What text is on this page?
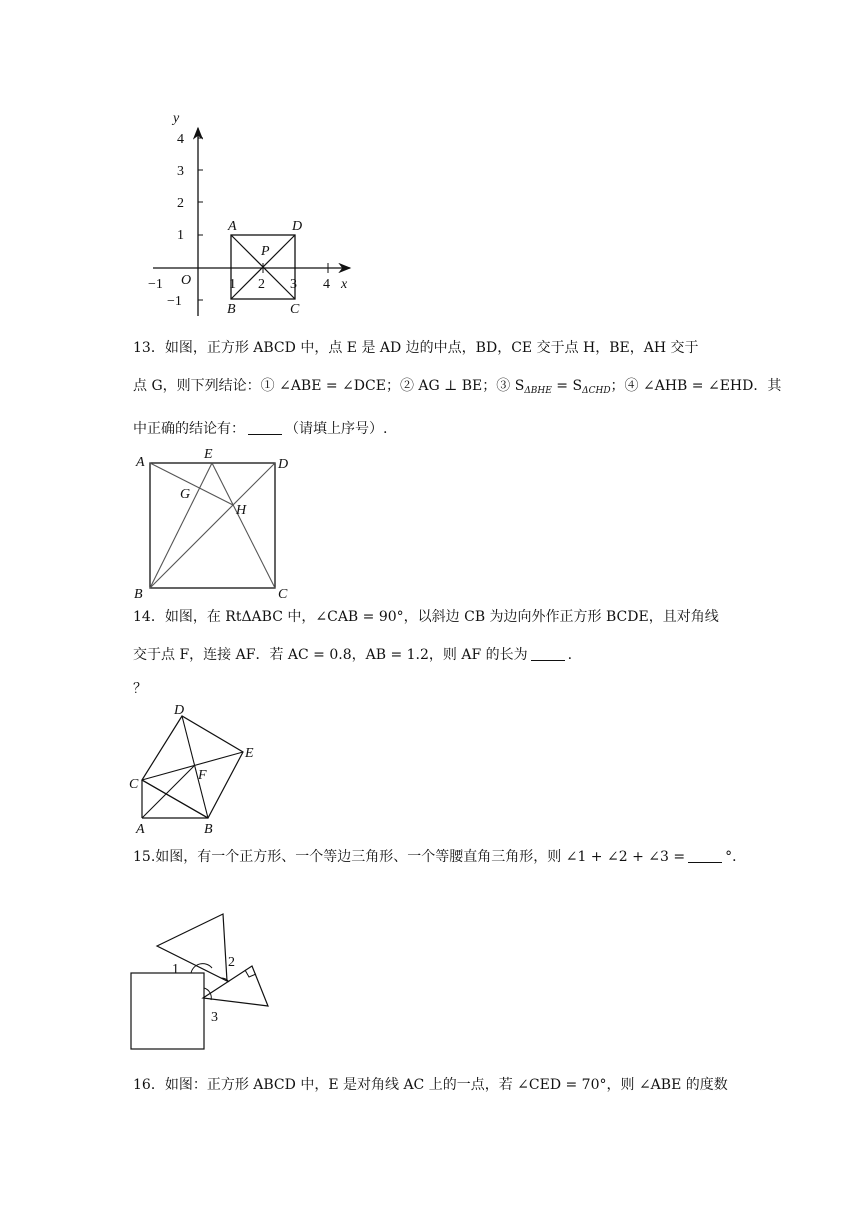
y
x
O
−1	1 2 3 4
4
3
2
1
−1
A	D
P
B	C
13．如图，正方形 ABCD 中，点 E 是 AD 边的中点，BD，CE 交于点 H，BE，AH 交于
点 G，则下列结论：① ∠ABE = ∠DCE；② AG ⊥ BE；③ $S_{\Delta BHE} = S_{\Delta CHD}$；④ ∠AHB = ∠EHD．其
中正确的结论有：	（请填上序号）.
A
E
D
G
H
B	C
14．如图，在 RtΔABC 中，∠CAB = 90°，以斜边 CB 为边向外作正方形 BCDE，且对角线
交于点 F，连接 AF．若 AC = 0.8，AB = 1.2，则 AF 的长为	.
？
D
E
C
F
A	B
15.如图，有一个正方形、一个等边三角形、一个等腰直角三角形，则 ∠1 + ∠2 + ∠3 =	°．
1	2
3
16．如图：正方形 ABCD 中，E 是对角线 AC 上的一点，若 ∠CED = 70°，则 ∠ABE 的度数
